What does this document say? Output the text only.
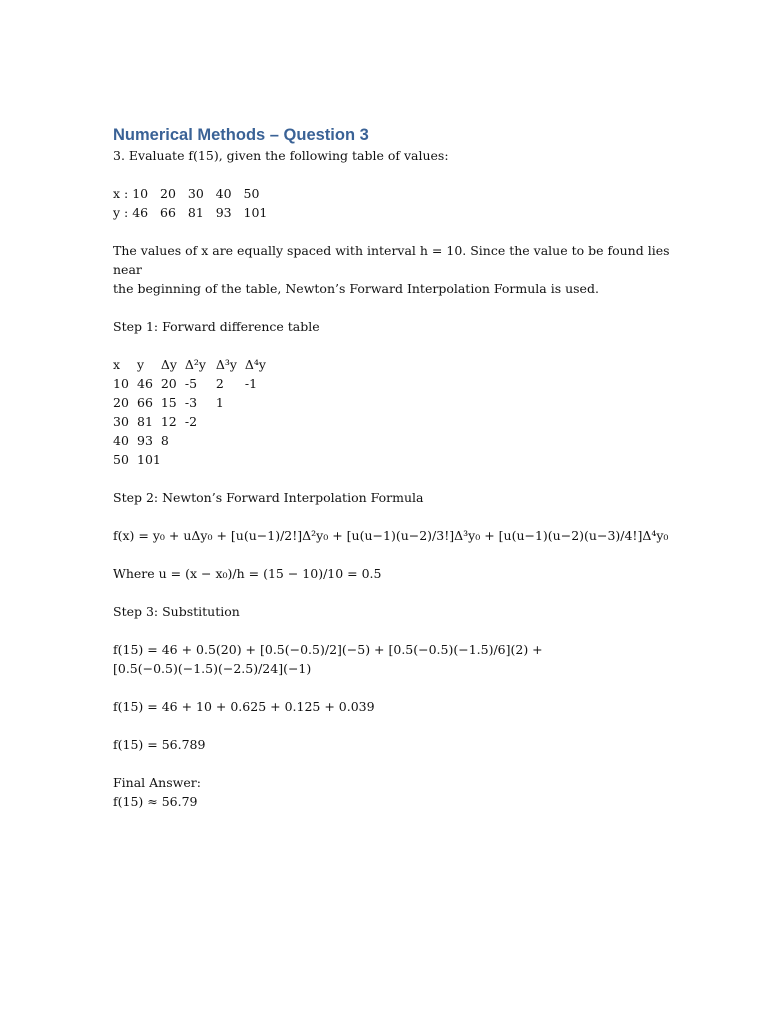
Numerical Methods – Question 3

3. Evaluate f(15), given the following table of values:

x : 10   20   30   40   50

y : 46   66   81   93   101

The values of x are equally spaced with interval h = 10. Since the value to be found lies near

the beginning of the table, Newton’s Forward Interpolation Formula is used.

Step 1: Forward difference table

x	y	Δy	Δ²y	Δ³y	Δ⁴y
10	46	20	-5	2	-1
20	66	15	-3	1	
30	81	12	-2		
40	93	8			
50	101				

Step 2: Newton’s Forward Interpolation Formula

f(x) = y₀ + uΔy₀ + [u(u−1)/2!]Δ²y₀ + [u(u−1)(u−2)/3!]Δ³y₀ + [u(u−1)(u−2)(u−3)/4!]Δ⁴y₀

Where u = (x − x₀)/h = (15 − 10)/10 = 0.5

Step 3: Substitution

f(15) = 46 + 0.5(20) + [0.5(−0.5)/2](−5) + [0.5(−0.5)(−1.5)/6](2) +

[0.5(−0.5)(−1.5)(−2.5)/24](−1)

f(15) = 46 + 10 + 0.625 + 0.125 + 0.039

f(15) = 56.789

Final Answer:

f(15) ≈ 56.79
